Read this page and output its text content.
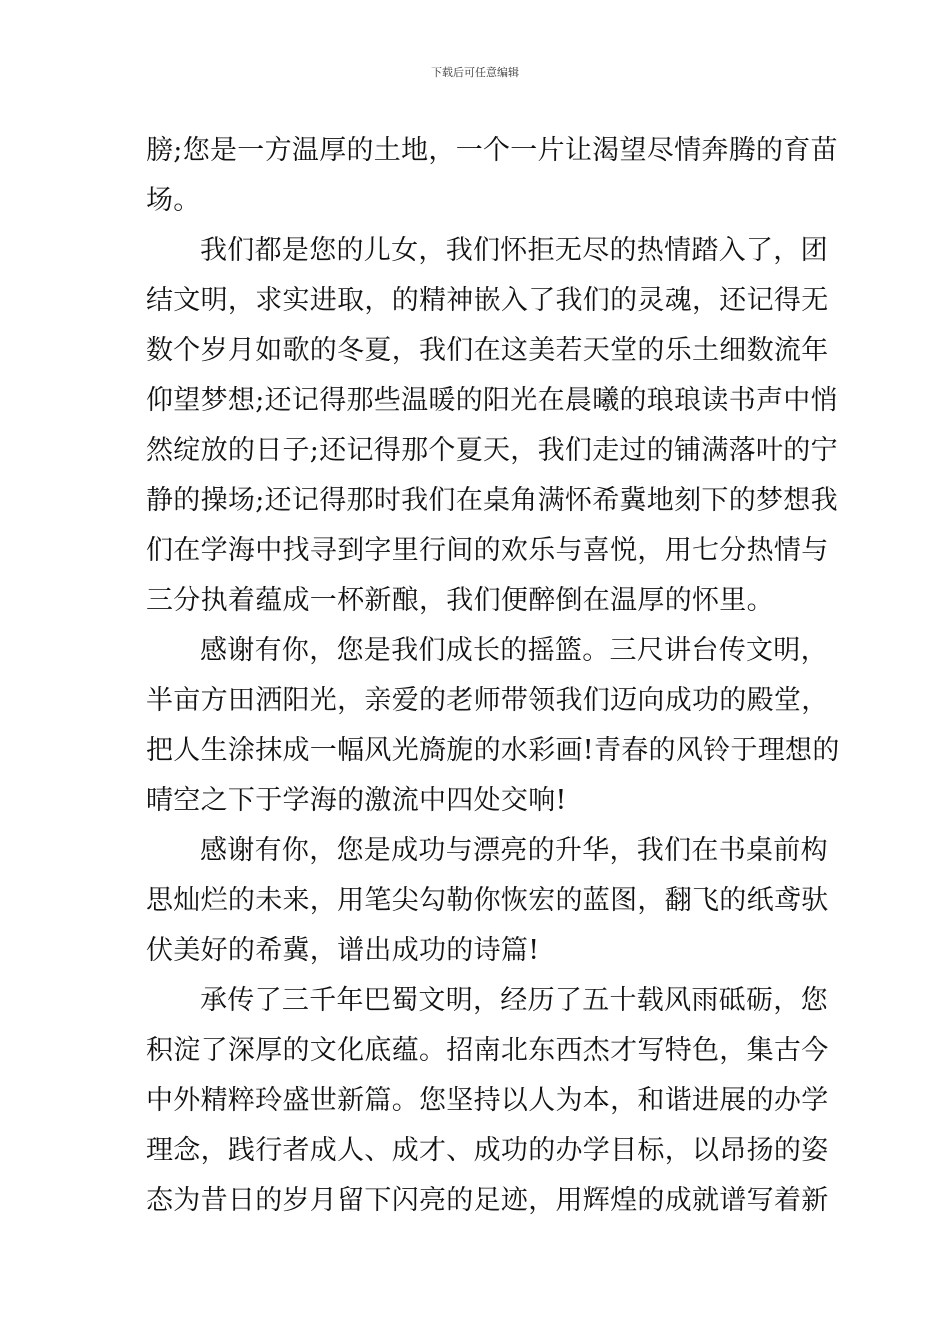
下载后可任意编辑
膀;您是一方温厚的土地，一个一片让渴望尽情奔腾的育苗
场。
我们都是您的儿女，我们怀拒无尽的热情踏入了，团
结文明，求实进取，的精神嵌入了我们的灵魂，还记得无
数个岁月如歌的冬夏，我们在这美若天堂的乐土细数流年
仰望梦想;还记得那些温暖的阳光在晨曦的琅琅读书声中悄
然绽放的日子;还记得那个夏天，我们走过的铺满落叶的宁
静的操场;还记得那时我们在桌角满怀希冀地刻下的梦想我
们在学海中找寻到字里行间的欢乐与喜悦，用七分热情与
三分执着蕴成一杯新酿，我们便醉倒在温厚的怀里。
感谢有你，您是我们成长的摇篮。三尺讲台传文明，
半亩方田洒阳光，亲爱的老师带领我们迈向成功的殿堂，
把人生涂抹成一幅风光旖旎的水彩画!青春的风铃于理想的
晴空之下于学海的激流中四处交响!
感谢有你，您是成功与漂亮的升华，我们在书桌前构
思灿烂的未来，用笔尖勾勒你恢宏的蓝图，翻飞的纸鸢驮
伏美好的希冀，谱出成功的诗篇!
承传了三千年巴蜀文明，经历了五十载风雨砥砺，您
积淀了深厚的文化底蕴。招南北东西杰才写特色，集古今
中外精粹玲盛世新篇。您坚持以人为本，和谐进展的办学
理念，践行者成人、成才、成功的办学目标，以昂扬的姿
态为昔日的岁月留下闪亮的足迹，用辉煌的成就谱写着新
